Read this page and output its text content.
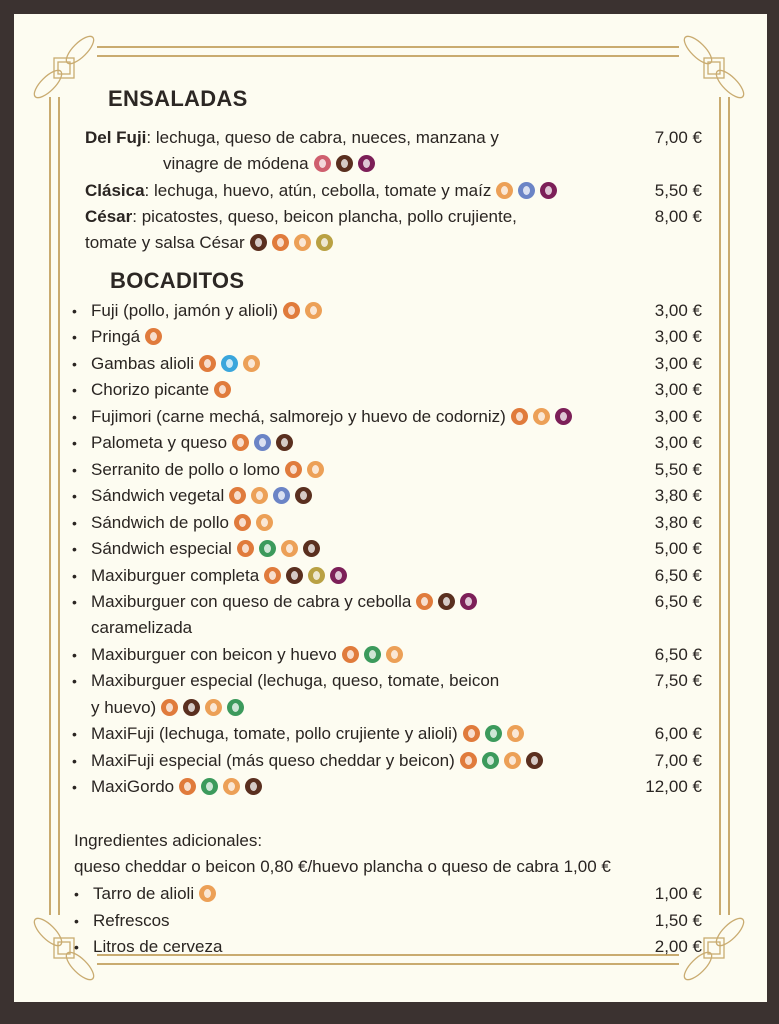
ENSALADAS
Del Fuji: lechuga, queso de cabra, nueces, manzana y	7,00 €
vinagre de módena
Clásica: lechuga, huevo, atún, cebolla, tomate y maíz	5,50 €
César: picatostes, queso, beicon plancha, pollo crujiente,	8,00 €
tomate y salsa César
BOCADITOS
• Fuji (pollo, jamón y alioli)	3,00 €
• Pringá	3,00 €
• Gambas alioli	3,00 €
• Chorizo picante	3,00 €
• Fujimori (carne mechá, salmorejo y huevo de codorniz)	3,00 €
• Palometa y queso	3,00 €
• Serranito de pollo o lomo	5,50 €
• Sándwich vegetal	3,80 €
• Sándwich de pollo	3,80 €
• Sándwich especial	5,00 €
• Maxiburguer completa	6,50 €
• Maxiburguer con queso de cabra y cebolla	6,50 €
caramelizada
• Maxiburguer con beicon y huevo	6,50 €
• Maxiburguer especial (lechuga, queso, tomate, beicon	7,50 €
y huevo)
• MaxiFuji (lechuga, tomate, pollo crujiente y alioli)	6,00 €
• MaxiFuji especial (más queso cheddar y beicon)	7,00 €
• MaxiGordo	12,00 €
Ingredientes adicionales:
queso cheddar o beicon 0,80 €/huevo plancha o queso de cabra 1,00 €
• Tarro de alioli	1,00 €
• Refrescos	1,50 €
• Litros de cerveza	2,00 €
